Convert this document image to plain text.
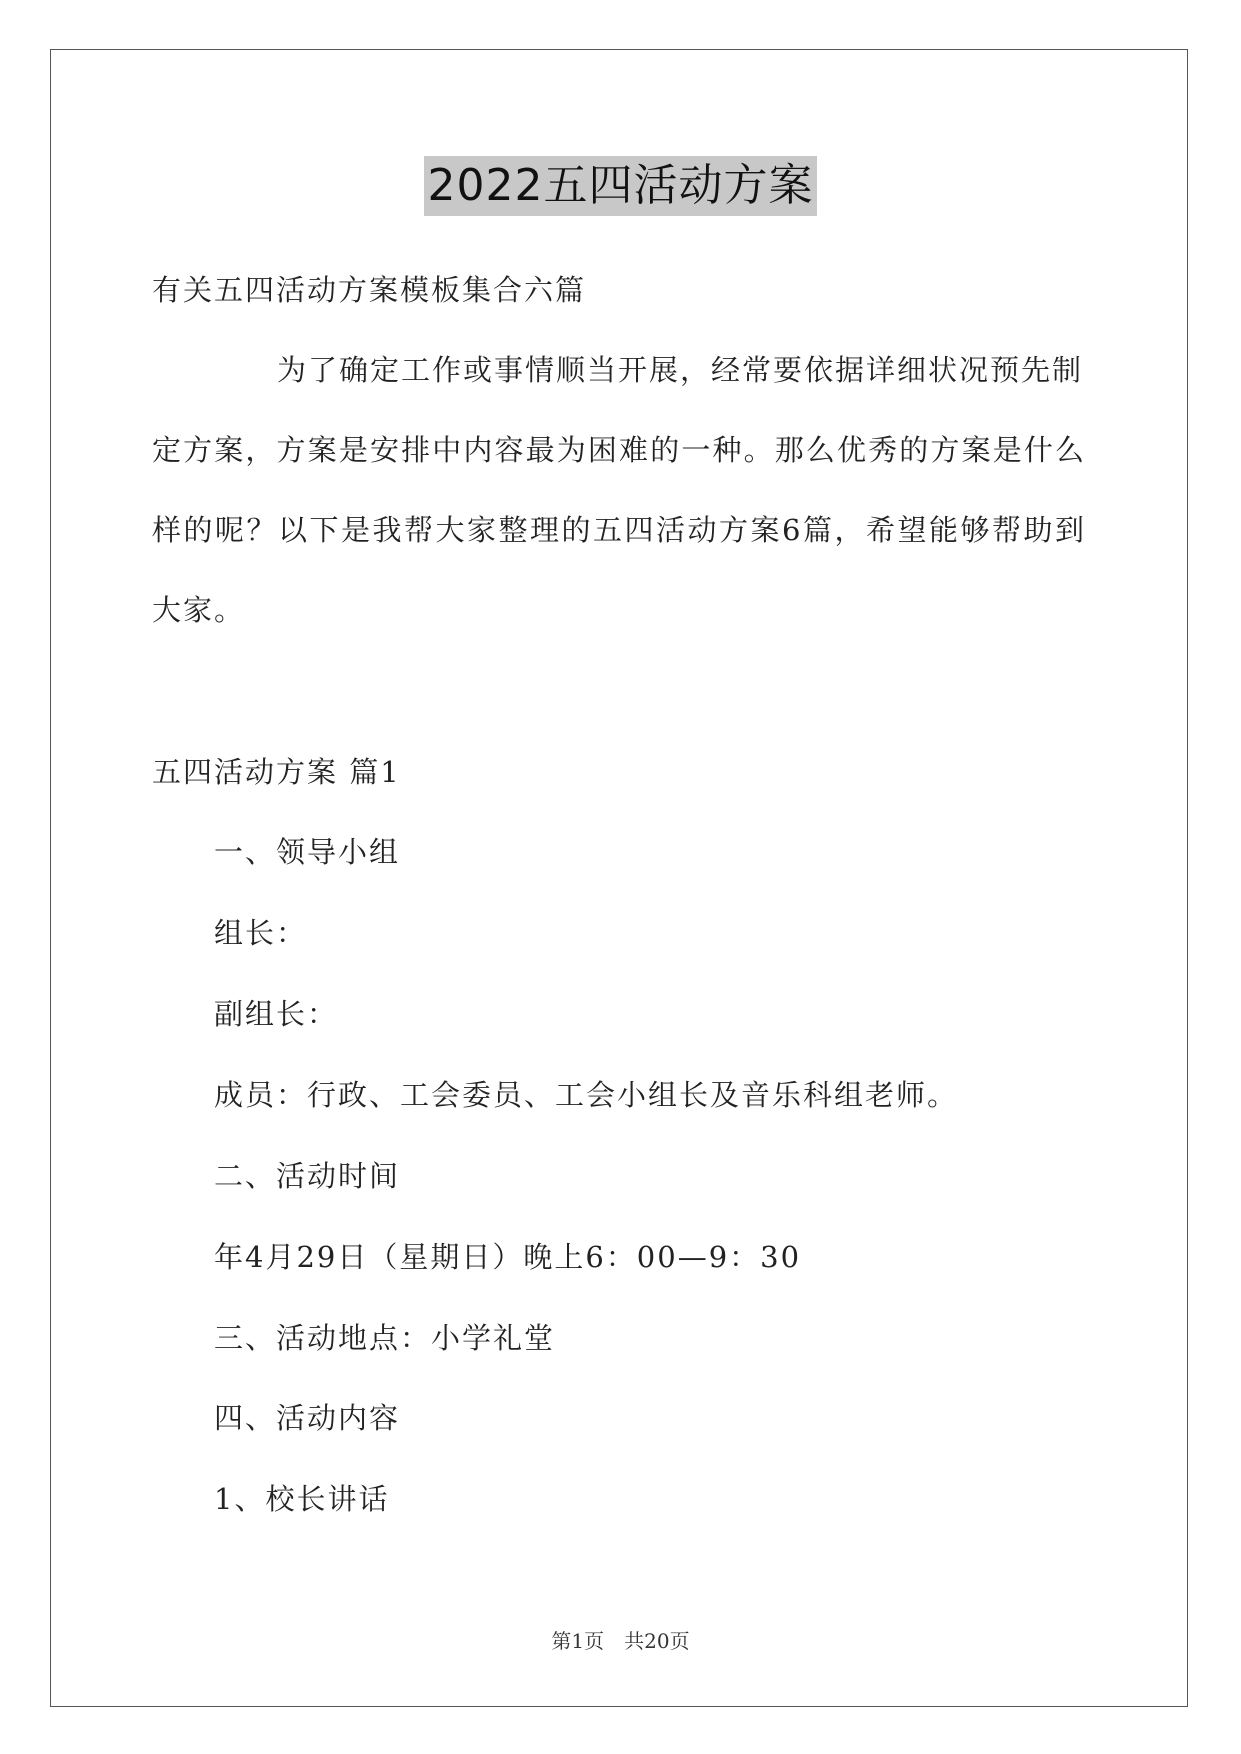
2022五四活动方案
有关五四活动方案模板集合六篇
为了确定工作或事情顺当开展，经常要依据详细状况预先制
定方案，方案是安排中内容最为困难的一种。那么优秀的方案是什么
样的呢？以下是我帮大家整理的五四活动方案6篇，希望能够帮助到
大家。
五四活动方案 篇1
一、领导小组
组长：
副组长：
成员：行政、工会委员、工会小组长及音乐科组老师。
二、活动时间
年4月29日（星期日）晚上6：00—9：30
三、活动地点：小学礼堂
四、活动内容
1、校长讲话
第1页　共20页
